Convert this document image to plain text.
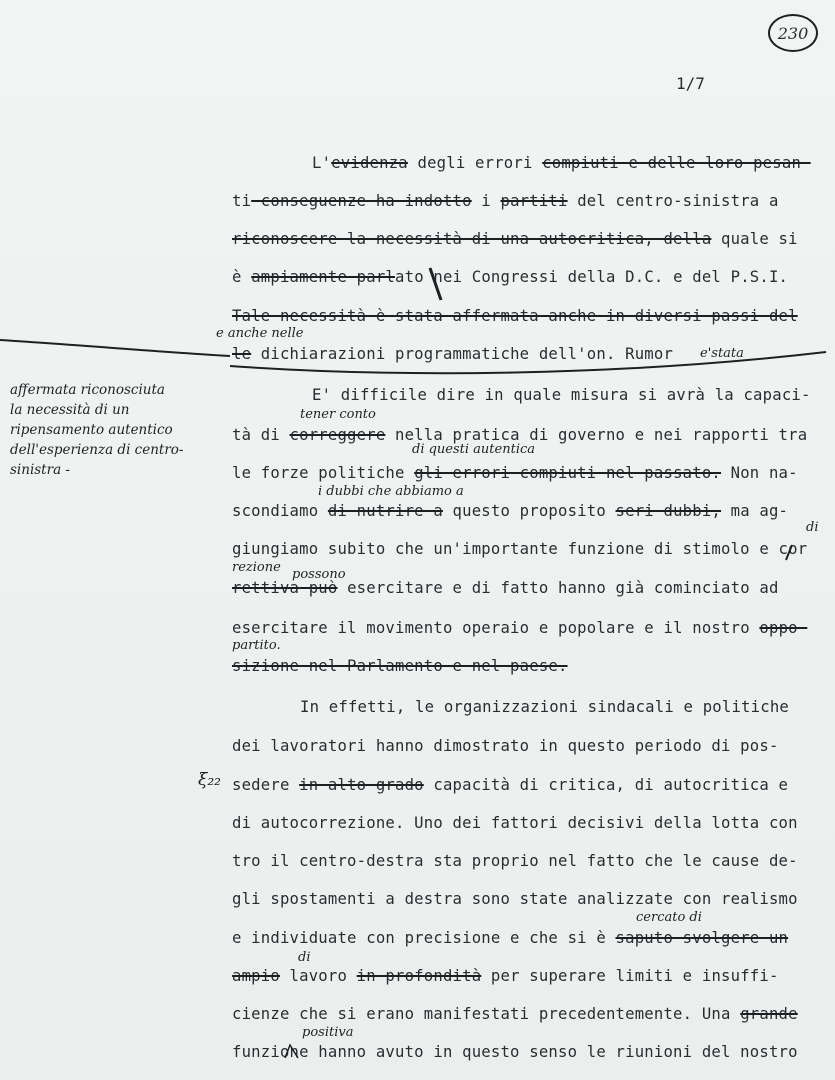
230
1/7
L'evidenza degli errori compiuti e delle loro pesan-
ti conseguenze ha indotto i partiti del centro-sinistra a
riconoscere la necessità di una autocritica, della quale si
è ampiamente parlato nei Congressi della D.C. e del P.S.I.
Tale necessità è stata affermata anche in diversi passi del
le dichiarazioni programmatiche dell'on. Rumor
E' difficile dire in quale misura si avrà la capaci-
tà di correggere nella pratica di governo e nei rapporti tra
le forze politiche gli errori compiuti nel passato. Non na-
scondiamo di nutrire a questo proposito seri dubbi, ma ag-
giungiamo subito che un'importante funzione di stimolo e cor
rettiva può esercitare e di fatto hanno già cominciato ad
esercitare il movimento operaio e popolare e il nostro oppo-
sizione nel Parlamento e nel paese.
In effetti, le organizzazioni sindacali e politiche
dei lavoratori hanno dimostrato in questo periodo di pos-
sedere in alto grado capacità di critica, di autocritica e
di autocorrezione. Uno dei fattori decisivi della lotta con
tro il centro-destra sta proprio nel fatto che le cause de-
gli spostamenti a destra sono state analizzate con realismo
e individuate con precisione e che si è saputo svolgere un
ampio lavoro in profondità per superare limiti e insuffi-
cienze che si erano manifestati precedentemente. Una grande
funzione hanno avuto in questo senso le riunioni del nostro
affermata riconosciuta
la necessità di un
ripensamento autentico
dell'esperienza di centro-
sinistra -
e anche nelle
e'stata
tener conto
di questi autentica
i dubbi che abbiamo a
di
rezione possono
partito.
cercato di
di
positiva
ξ₂₂
